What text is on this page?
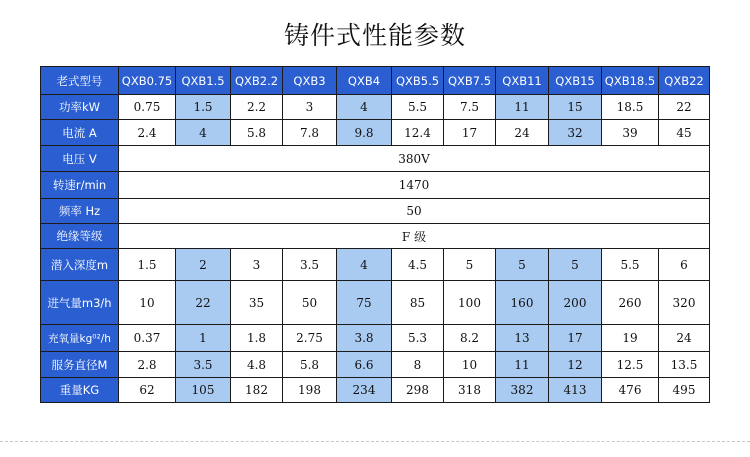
铸件式性能参数
老式型号	QXB0.75	QXB1.5	QXB2.2	QXB3	QXB4	QXB5.5	QXB7.5	QXB11	QXB15	QXB18.5	QXB22
功率kW	0.75	1.5	2.2	3	4	5.5	7.5	11	15	18.5	22
电流 A	2.4	4	5.8	7.8	9.8	12.4	17	24	32	39	45
电压 V	380V										
转速r/min	1470										
频率 Hz	50										
绝缘等级	F 级										
潜入深度m	1.5	2	3	3.5	4	4.5	5	5	5	5.5	6
进气量m3/h	10	22	35	50	75	85	100	160	200	260	320
充氧量kg⁰²/h	0.37	1	1.8	2.75	3.8	5.3	8.2	13	17	19	24
服务直径M	2.8	3.5	4.8	5.8	6.6	8	10	11	12	12.5	13.5
重量KG	62	105	182	198	234	298	318	382	413	476	495
